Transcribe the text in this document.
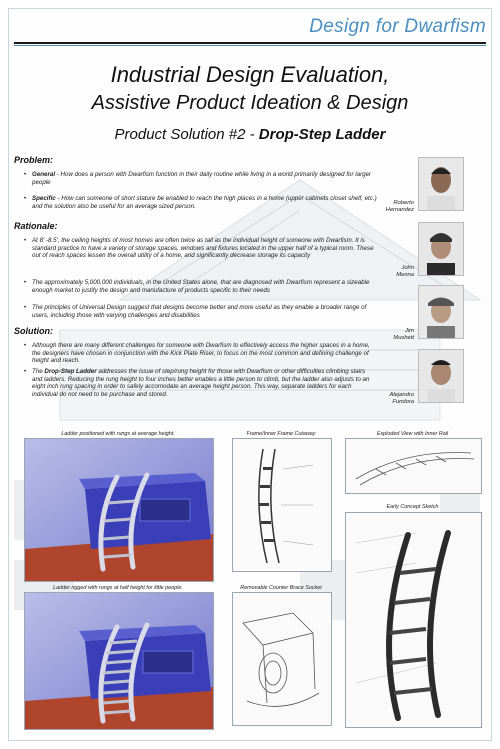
Design for Dwarfism
Industrial Design Evaluation,
Assistive Product Ideation & Design
Product Solution #2 - Drop-Step Ladder
Problem:
• General - How does a person with Dwarfism function in their daily routine while living in a world primarily designed for larger people
• Specific - How can someone of short stature be enabled to reach the high places in a home (upper cabinets closet shelf, etc.) and the solution also be useful for an average sized person.
Rationale:
• At 8' -8.5', the ceiling heights of most homes are often twice as tall as the individual height of someone with Dwarfism. It is standard practice to have a variety of storage spaces, windows and fixtures located in the upper half of a typical room. These out of reach spaces lessen the overall utility of a home, and significantly decrease storage its capacity
• The approximately 5,000,000 individuals, in the United States alone, that are diagnosed with Dwarfism represent a sizeable enough market to justify the design and manufacture of products specific to their needs
• The principles of Universal Design suggest that designs become better and more useful as they enable a broader range of users, including those with varying challenges and disabilities
Solution:
• Although there are many different challenges for someone with Dwarfism to effectively access the higher spaces in a home, the designers have chosen in conjunction with the Kick Plate Riser, to focus on the most common and defining challenge of height and reach.
• The Drop-Step Ladder addresses the issue of step/rung height for those with Dwarfism or other difficulties climbing stairs and ladders. Reducing the rung height to four inches better enables a little person to climb, but the ladder also adjusts to an eight inch rung spacing in order to safely accomodate an average height person. This way, separate ladders for each individual do not need to be purchase and stored.
Roberto
Hernandez
John
Menna
Jim
Mushett
Alejandro
Fundora
Ladder positioned with rungs at average height.
Ladder rigged with rungs at half height for little people.
Frame/Inner Frame Cutaway
Removable Counter Brace Socket
Exploded View with Inner Rail
Early Concept Sketch
